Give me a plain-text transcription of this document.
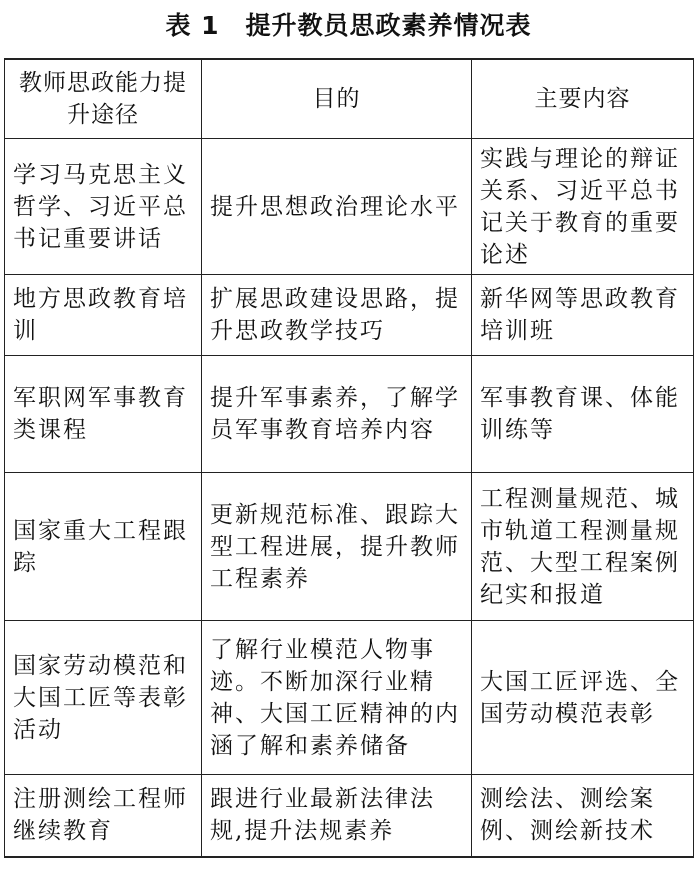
表 1　提升教员思政素养情况表
教师思政能力提升途径	目的	主要内容
学习马克思主义哲学、习近平总书记重要讲话	提升思想政治理论水平	实践与理论的辩证关系、习近平总书记关于教育的重要论述
地方思政教育培训	扩展思政建设思路，提升思政教学技巧	新华网等思政教育培训班
军职网军事教育类课程	提升军事素养，了解学员军事教育培养内容	军事教育课、体能训练等
国家重大工程跟踪	更新规范标准、跟踪大型工程进展，提升教师工程素养	工程测量规范、城市轨道工程测量规范、大型工程案例纪实和报道
国家劳动模范和大国工匠等表彰活动	了解行业模范人物事迹。不断加深行业精神、大国工匠精神的内涵了解和素养储备	大国工匠评选、全国劳动模范表彰
注册测绘工程师继续教育	跟进行业最新法律法规,提升法规素养	测绘法、测绘案例、测绘新技术
